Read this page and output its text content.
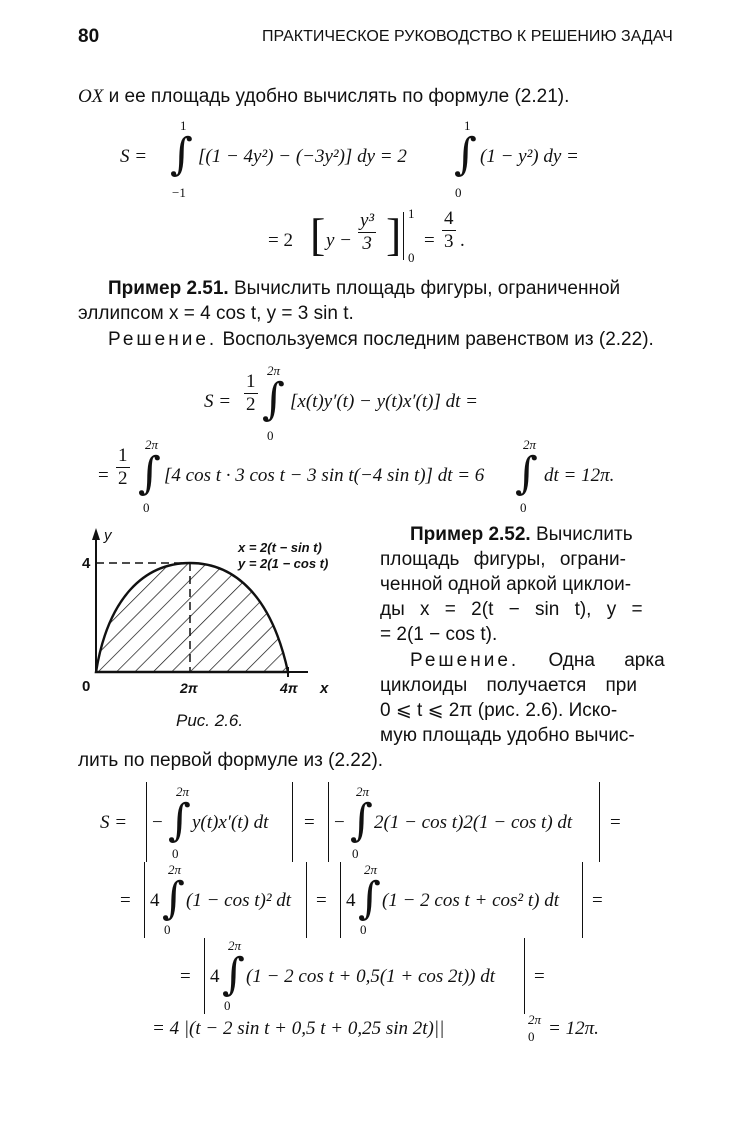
80	ПРАКТИЧЕСКОЕ РУКОВОДСТВО К РЕШЕНИЮ ЗАДАЧ
OX и ее площадь удобно вычислять по формуле (2.21).
S =
1
∫
−1
[(1 − 4y²) − (−3y²)] dy = 2
1
∫
0
(1 − y²) dy =
= 2 [ $y - \frac{\text{y³}}{3}$ ] 1
0
= $\frac{4}{3}$ .
Пример 2.51. Вычислить площадь фигуры, ограниченной
эллипсом x = 4 cos t, y = 3 sin t.
Решение. Воспользуемся последним равенством из (2.22).
$S = \frac{1}{2}$
2π
∫
0
[x(t)y′(t) − y(t)x′(t)] dt =
= $\frac{1}{2}$
2π
∫
0
[4 cos t · 3 cos t − 3 sin t(−4 sin t)] dt = 6
2π
∫
0
dt = 12π.
y
4
0	2π	4π x
x = 2(t − sin t)
y = 2(1 − cos t)
Рис. 2.6.
Пример 2.52. Вычислить
площадь фигуры, ограни-
ченной одной аркой циклои-
ды x = 2(t − sin t), y =
= 2(1 − cos t).
Решение. Одна арка
циклоиды получается при
0 ⩽ t ⩽ 2π (рис. 2.6). Иско-
мую площадь удобно вычис-
лить по первой формуле из (2.22).
S = −
2π
∫
0
y(t)x′(t) dt = −
2π
∫
0
2(1 − cos t)2(1 − cos t) dt =
= 4
2π
∫
0
(1 − cos t)² dt = 4
2π
∫
0
(1 − 2 cos t + cos² t) dt =
= 4
2π
∫
0
(1 − 2 cos t + 0,5(1 + cos 2t)) dt =
= 4 |(t − 2 sin t + 0,5 t + 0,25 sin 2t)||	2π
0 = 12π.
